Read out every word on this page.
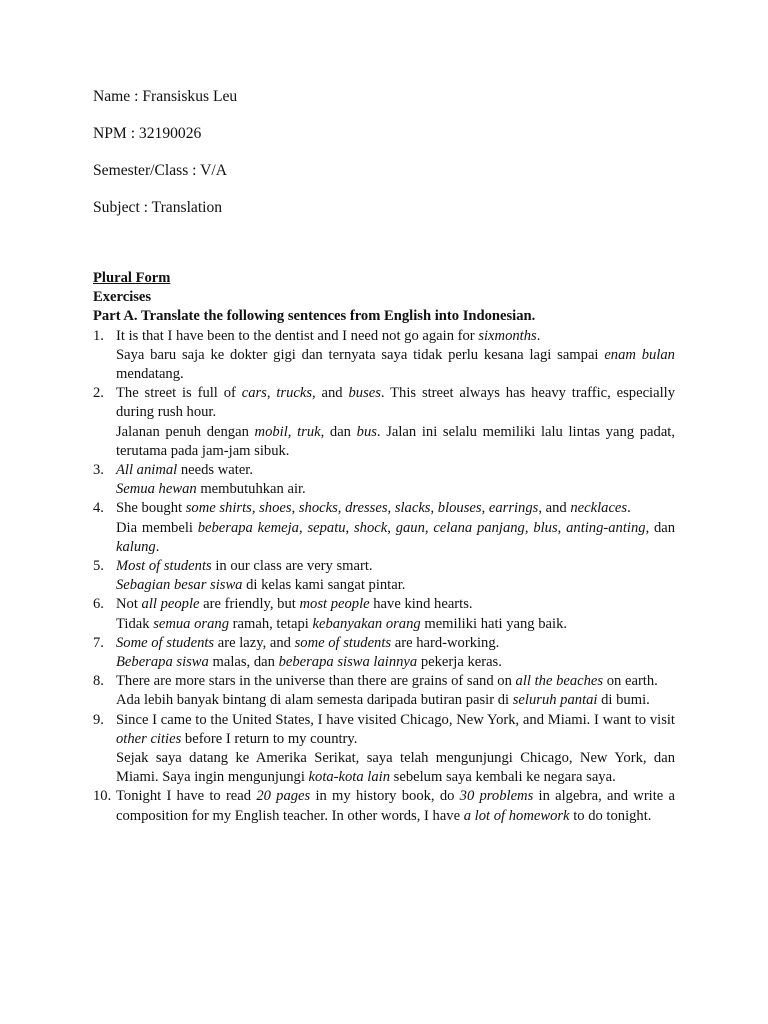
Name : Fransiskus Leu
NPM : 32190026
Semester/Class : V/A
Subject : Translation
Plural Form
Exercises
Part A. Translate the following sentences from English into Indonesian.
1. It is that I have been to the dentist and I need not go again for sixmonths.
Saya baru saja ke dokter gigi dan ternyata saya tidak perlu kesana lagi sampai enam bulan mendatang.
2. The street is full of cars, trucks, and buses. This street always has heavy traffic, especially during rush hour.
Jalanan penuh dengan mobil, truk, dan bus. Jalan ini selalu memiliki lalu lintas yang padat, terutama pada jam-jam sibuk.
3. All animal needs water.
Semua hewan membutuhkan air.
4. She bought some shirts, shoes, shocks, dresses, slacks, blouses, earrings, and necklaces.
Dia membeli beberapa kemeja, sepatu, shock, gaun, celana panjang, blus, anting-anting, dan kalung.
5. Most of students in our class are very smart.
Sebagian besar siswa di kelas kami sangat pintar.
6. Not all people are friendly, but most people have kind hearts.
Tidak semua orang ramah, tetapi kebanyakan orang memiliki hati yang baik.
7. Some of students are lazy, and some of students are hard-working.
Beberapa siswa malas, dan beberapa siswa lainnya pekerja keras.
8. There are more stars in the universe than there are grains of sand on all the beaches on earth.
Ada lebih banyak bintang di alam semesta daripada butiran pasir di seluruh pantai di bumi.
9. Since I came to the United States, I have visited Chicago, New York, and Miami. I want to visit other cities before I return to my country.
Sejak saya datang ke Amerika Serikat, saya telah mengunjungi Chicago, New York, dan Miami. Saya ingin mengunjungi kota-kota lain sebelum saya kembali ke negara saya.
10. Tonight I have to read 20 pages in my history book, do 30 problems in algebra, and write a composition for my English teacher. In other words, I have a lot of homework to do tonight.
